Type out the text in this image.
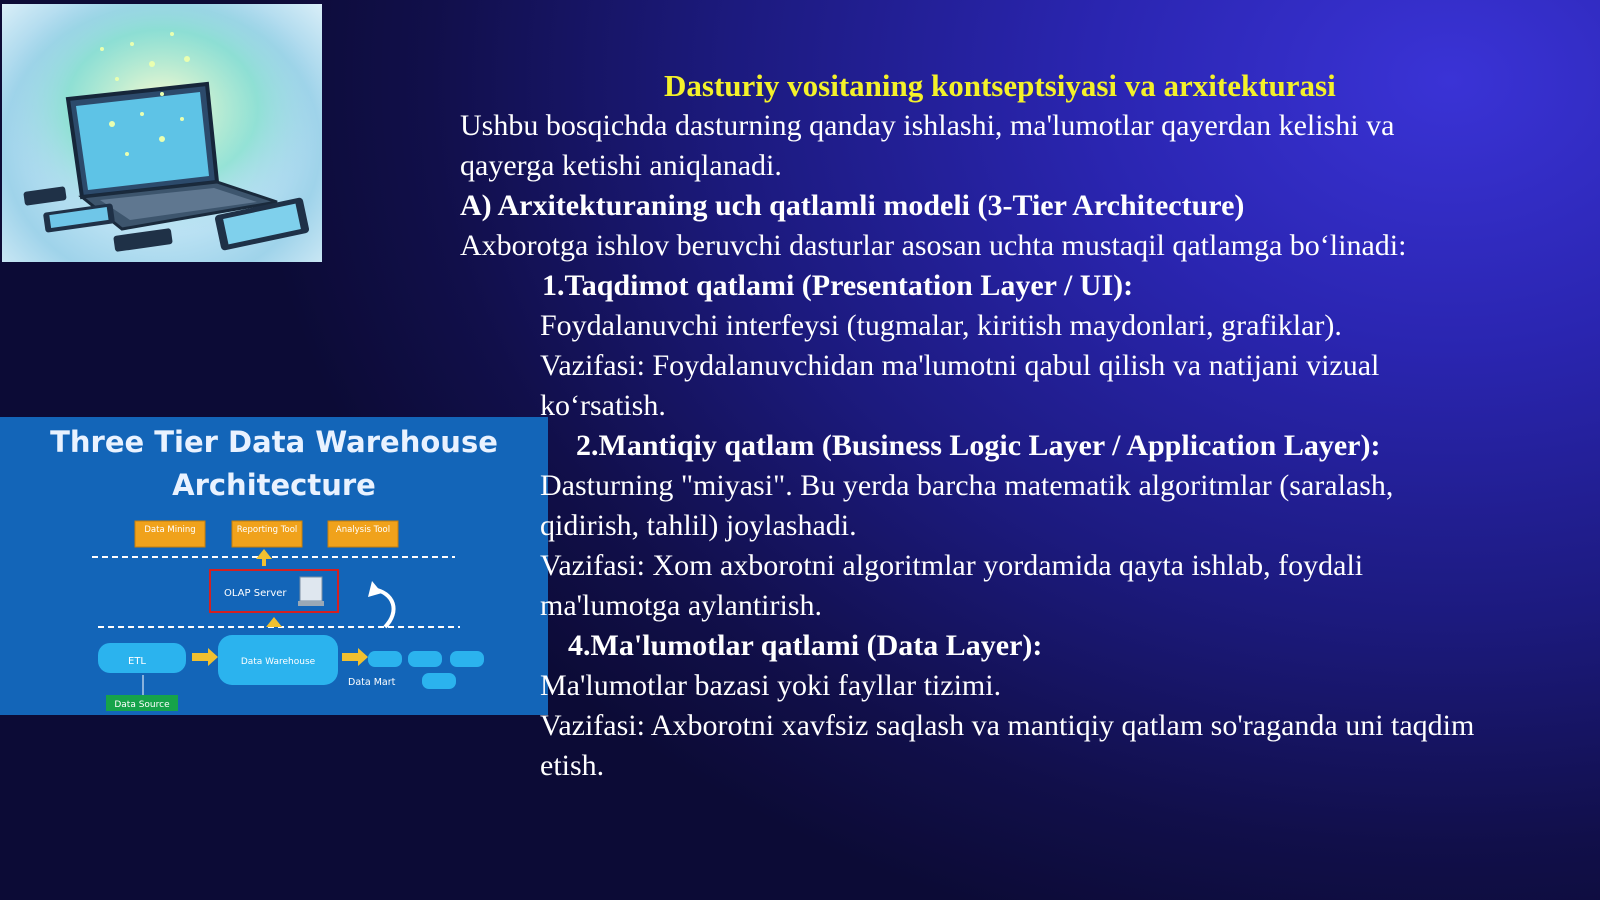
Three Tier Data Warehouse
Architecture
Data Mining	Reporting Tool	Analysis Tool
OLAP Server
ETL	Data Warehouse
Data Mart
Data Source
Dasturiy vositaning kontseptsiyasi va arxitekturasi
Ushbu bosqichda dasturning qanday ishlashi, ma'lumotlar qayerdan kelishi va
qayerga ketishi aniqlanadi.
A) Arxitekturaning uch qatlamli modeli (3-Tier Architecture)
Axborotga ishlov beruvchi dasturlar asosan uchta mustaqil qatlamga bo‘linadi:
1.Taqdimot qatlami (Presentation Layer / UI):
Foydalanuvchi interfeysi (tugmalar, kiritish maydonlari, grafiklar).
Vazifasi: Foydalanuvchidan ma'lumotni qabul qilish va natijani vizual
ko‘rsatish.
2.Mantiqiy qatlam (Business Logic Layer / Application Layer):
Dasturning "miyasi". Bu yerda barcha matematik algoritmlar (saralash,
qidirish, tahlil) joylashadi.
Vazifasi: Xom axborotni algoritmlar yordamida qayta ishlab, foydali
ma'lumotga aylantirish.
4.Ma'lumotlar qatlami (Data Layer):
Ma'lumotlar bazasi yoki fayllar tizimi.
Vazifasi: Axborotni xavfsiz saqlash va mantiqiy qatlam so'raganda uni taqdim
etish.
